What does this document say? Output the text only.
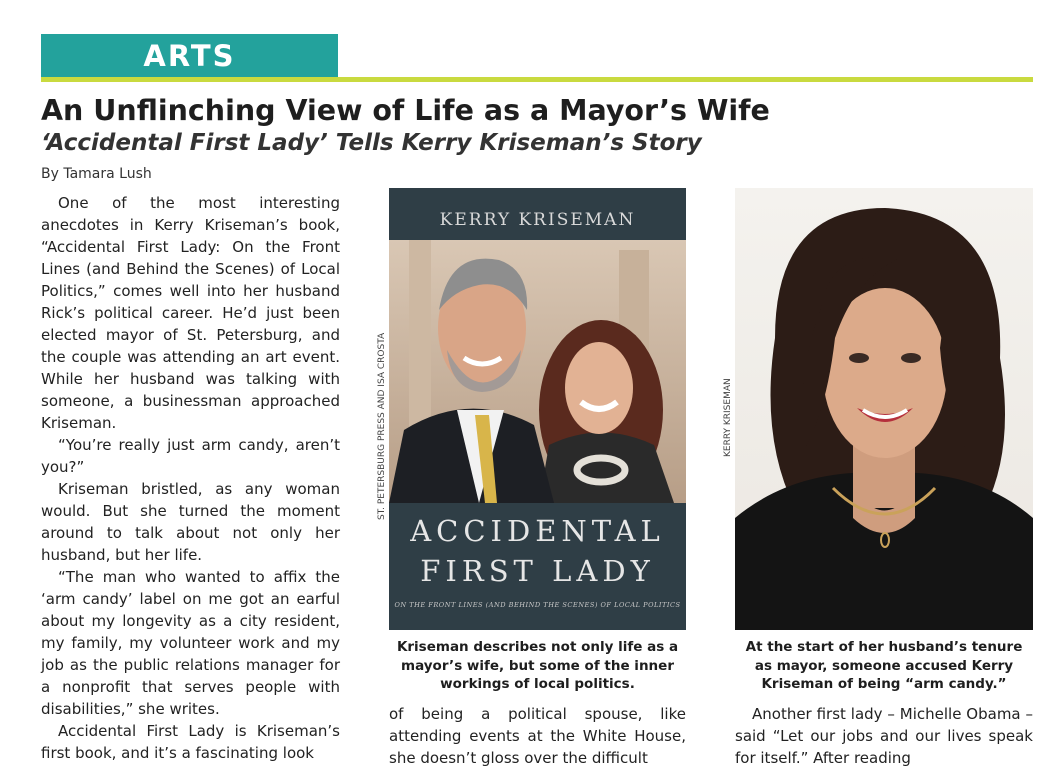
ARTS
An Unflinching View of Life as a Mayor’s Wife
‘Accidental First Lady’ Tells Kerry Kriseman’s Story
By Tamara Lush

One of the most interesting anecdotes in Kerry Kriseman’s book, “Accidental First Lady: On the Front Lines (and Behind the Scenes) of Local Politics,” comes well into her husband Rick’s political career. He’d just been elected mayor of St. Petersburg, and the couple was attending an art event. While her husband was talking with someone, a businessman approached Kriseman.

“You’re really just arm candy, aren’t you?”

Kriseman bristled, as any woman would. But she turned the moment around to talk about not only her husband, but her life.

“The man who wanted to affix the ‘arm candy’ label on me got an earful about my longevity as a city resident, my family, my volunteer work and my job as the public relations manager for a nonprofit that serves people with disabilities,” she writes.

Accidental First Lady is Kriseman’s first book, and it’s a fascinating look

KERRY KRISEMAN
ACCIDENTAL
FIRST LADY
ON THE FRONT LINES (AND BEHIND THE SCENES) OF LOCAL POLITICS
ST. PETERSBURG PRESS AND ISA CROSTA	KERRY KRISEMAN
Kriseman describes not only life as a mayor’s wife, but some of the inner workings of local politics.
At the start of her husband’s tenure as mayor, someone accused Kerry Kriseman of being “arm candy.”

of being a political spouse, like attending events at the White House, she doesn’t gloss over the difficult

Another first lady – Michelle Obama – said “Let our jobs and our lives speak for itself.” After reading
